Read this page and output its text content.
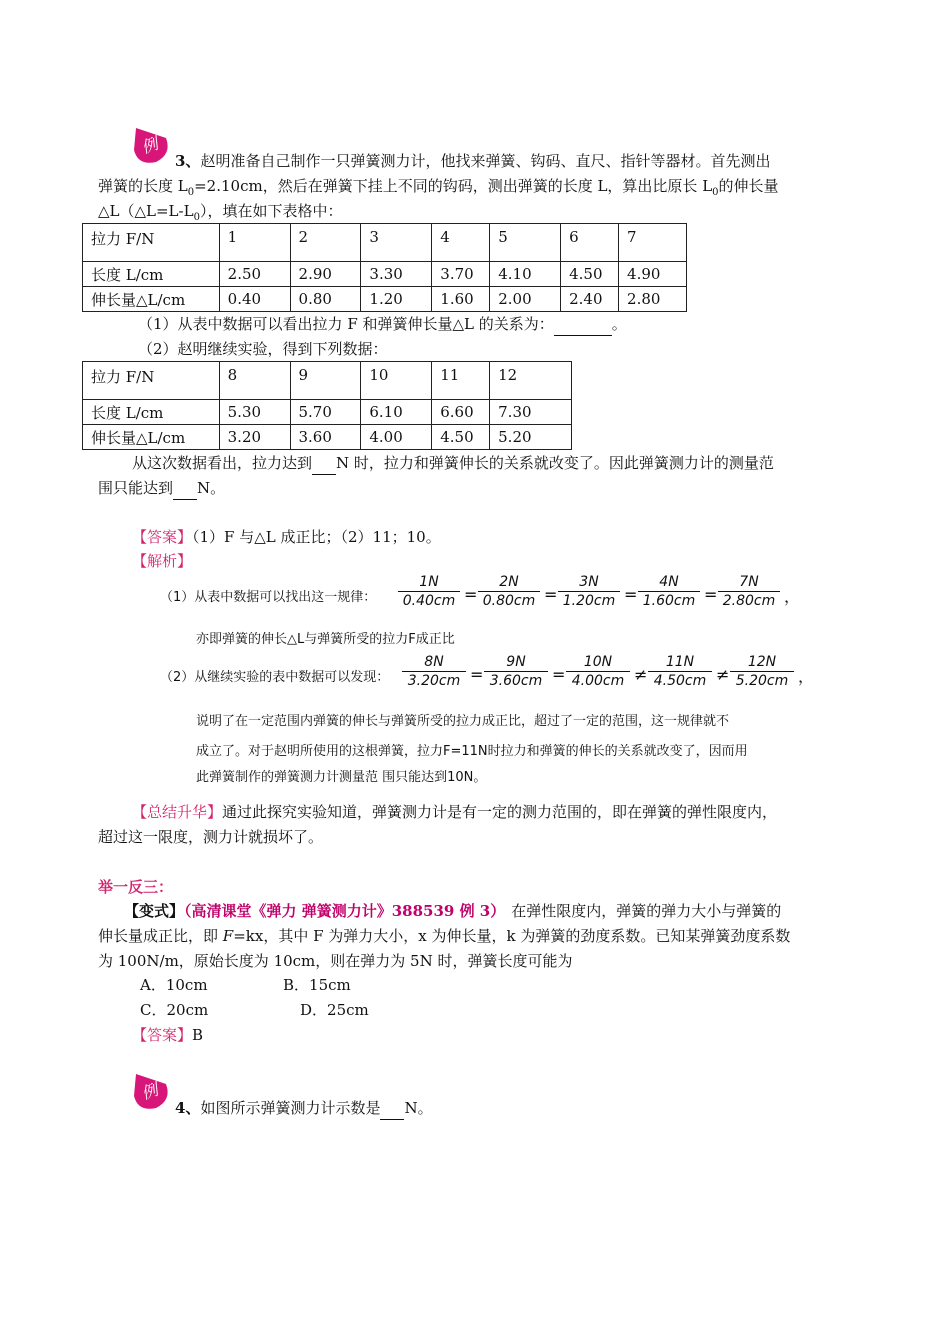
例
3、赵明准备自己制作一只弹簧测力计，他找来弹簧、钩码、直尺、指针等器材。首先测出
弹簧的长度 $L_0=2.10cm$，然后在弹簧下挂上不同的钩码，测出弹簧的长度 L，算出比原长 $L_0$的伸长量
$\triangle L(\triangle L=L-L_0)$，填在如下表格中：
拉力 F/N	1	2	3	4	5	6	7
长度 L/cm	2.50	2.90	3.30	3.70	4.10	4.50	4.90
伸长量△L/cm	0.40	0.80	1.20	1.60	2.00	2.40	2.80
（1）从表中数据可以看出拉力 F 和弹簧伸长量△L 的关系为：	。
（2）赵明继续实验，得到下列数据：
拉力 F/N	8	9	10	11	12
长度 L/cm	5.30	5.70	6.10	6.60	7.30
伸长量△L/cm	3.20	3.60	4.00	4.50	5.20
从这次数据看出，拉力达到 N 时，拉力和弹簧伸长的关系就改变了。因此弹簧测力计的测量范
围只能达到 N。
【答案】（1）F 与△L 成正比；（2）11；10。
【解析】
（1）从表中数据可以找出这一规律： $\frac{1N}{0.40cm} = \frac{2N}{0.80cm} = \frac{3N}{1.20cm} = \frac{4N}{1.60cm} = \frac{7N}{2.80cm}$ ，
亦即弹簧的伸长△L与弹簧所受的拉力F成正比
（2）从继续实验的表中数据可以发现： $\frac{8N}{3.20cm} = \frac{9N}{3.60cm} = \frac{10N}{4.00cm} \ne \frac{11N}{4.50cm} \ne \frac{12N}{5.20cm}$ ，
说明了在一定范围内弹簧的伸长与弹簧所受的拉力成正比，超过了一定的范围，这一规律就不
成立了。对于赵明所使用的这根弹簧，拉力F=11N时拉力和弹簧的伸长的关系就改变了，因而用
此弹簧制作的弹簧测力计测量范 围只能达到10N。
【总结升华】通过此探究实验知道，弹簧测力计是有一定的测力范围的，即在弹簧的弹性限度内，
超过这一限度，测力计就损坏了。
举一反三：
【变式】（高清课堂《弹力 弹簧测力计》388539 例 3） 在弹性限度内，弹簧的弹力大小与弹簧的
伸长量成正比，即 F=kx，其中 F 为弹力大小，x 为伸长量，k 为弹簧的劲度系数。已知某弹簧劲度系数
为 100N/m，原始长度为 10cm，则在弹力为 5N 时，弹簧长度可能为
A．10cm	B．15cm
C．20cm	D．25cm
【答案】B
例
4、如图所示弹簧测力计示数是 N。
